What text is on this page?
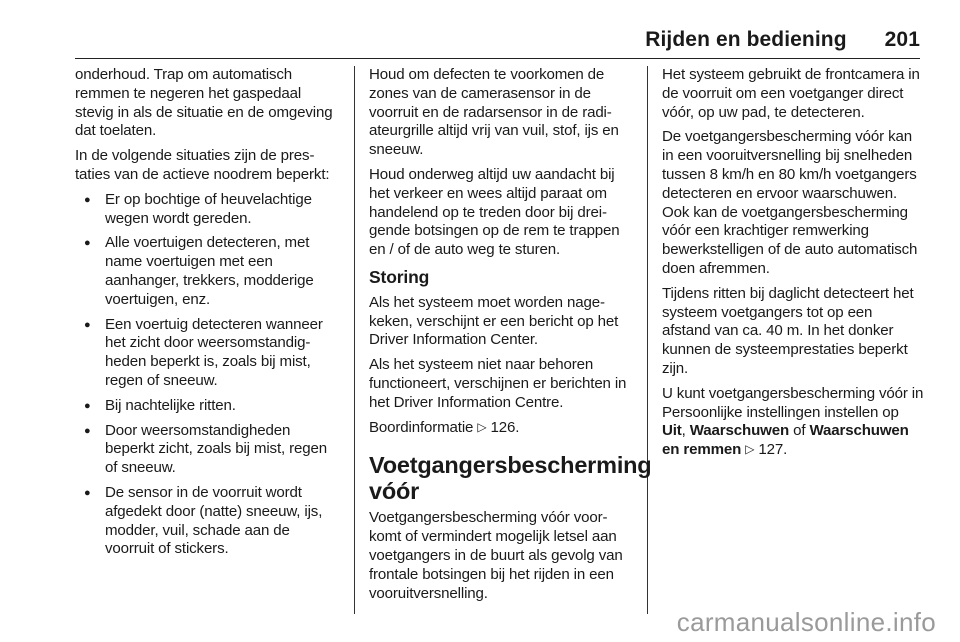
Rijden en bediening 201

onderhoud. Trap om automatisch remmen te negeren het gaspedaal stevig in als de situatie en de omgeving dat toelaten.

In de volgende situaties zijn de prestaties van de actieve noodrem beperkt:

● Er op bochtige of heuvelachtige wegen wordt gereden.
● Alle voertuigen detecteren, met name voertuigen met een aanhanger, trekkers, modderige voertuigen, enz.
● Een voertuig detecteren wanneer het zicht door weersomstandigheden beperkt is, zoals bij mist, regen of sneeuw.
● Bij nachtelijke ritten.
● Door weersomstandigheden beperkt zicht, zoals bij mist, regen of sneeuw.
● De sensor in de voorruit wordt afgedekt door (natte) sneeuw, ijs, modder, vuil, schade aan de voorruit of stickers.

Houd om defecten te voorkomen de zones van de camerasensor in de voorruit en de radarsensor in de radiateurgrille altijd vrij van vuil, stof, ijs en sneeuw.

Houd onderweg altijd uw aandacht bij het verkeer en wees altijd paraat om handelend op te treden door bij dreigende botsingen op de rem te trappen en / of de auto weg te sturen.

Storing

Als het systeem moet worden nagekeken, verschijnt er een bericht op het Driver Information Center.

Als het systeem niet naar behoren functioneert, verschijnen er berichten in het Driver Information Centre.

Boordinformatie ▷ 126.

Voetgangersbescherming vóór

Voetgangersbescherming vóór voorkomt of vermindert mogelijk letsel aan voetgangers in de buurt als gevolg van frontale botsingen bij het rijden in een vooruitversnelling.

Het systeem gebruikt de frontcamera in de voorruit om een voetganger direct vóór, op uw pad, te detecteren.

De voetgangersbescherming vóór kan in een vooruitversnelling bij snelheden tussen 8 km/h en 80 km/h voetgangers detecteren en ervoor waarschuwen. Ook kan de voetgangersbescherming vóór een krachtiger remwerking bewerkstelligen of de auto automatisch doen afremmen.

Tijdens ritten bij daglicht detecteert het systeem voetgangers tot op een afstand van ca. 40 m. In het donker kunnen de systeemprestaties beperkt zijn.

U kunt voetgangersbescherming vóór in Persoonlijke instellingen instellen op Uit, Waarschuwen of Waarschuwen en remmen ▷ 127.

carmanualsonline.info
